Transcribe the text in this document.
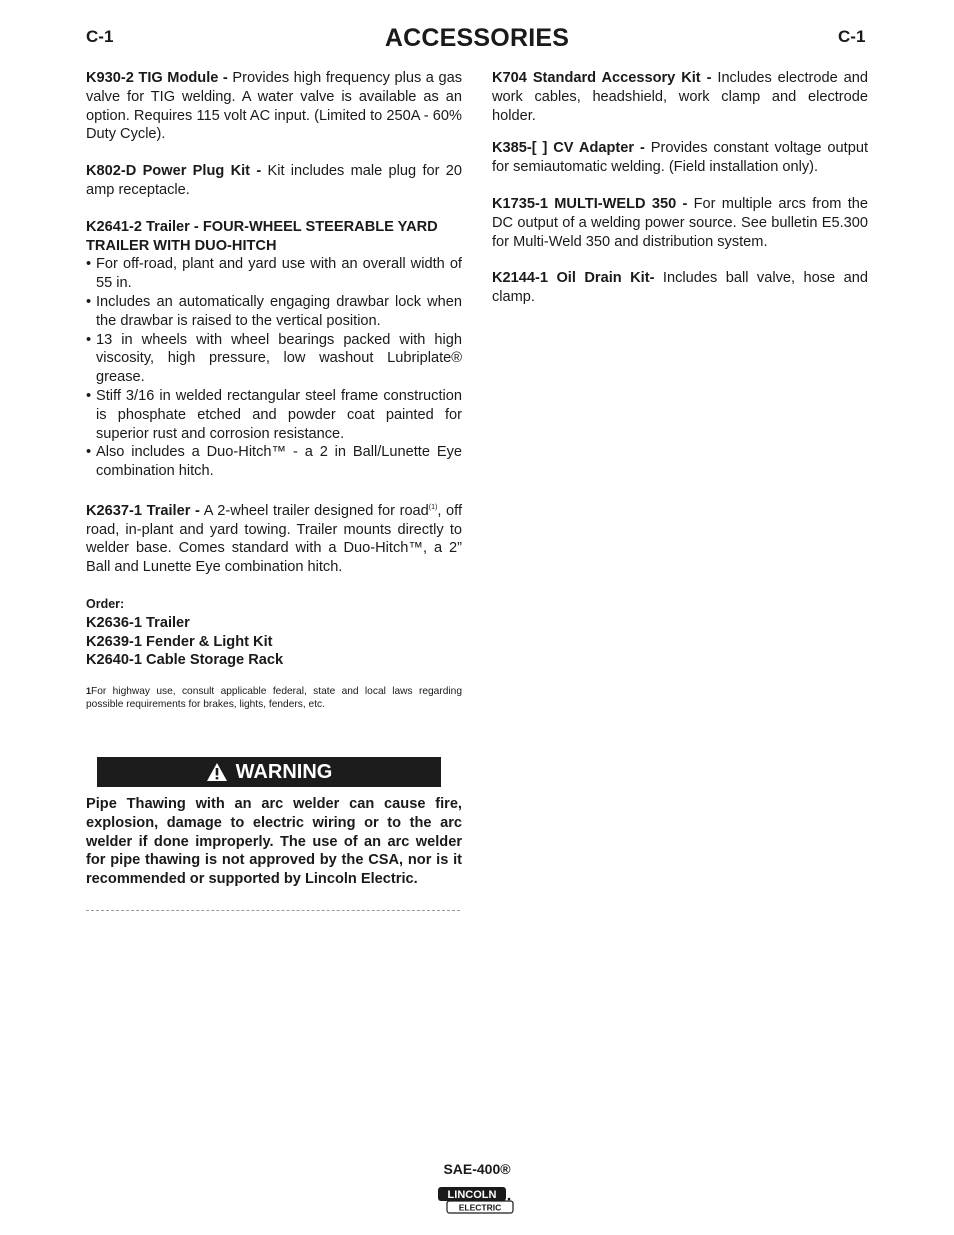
C-1	ACCESSORIES	C-1

K930-2 TIG Module - Provides high frequency plus a gas valve for TIG welding. A water valve is available as an option. Requires 115 volt AC input. (Limited to 250A - 60% Duty Cycle).

K802-D Power Plug Kit - Kit includes male plug for 20 amp receptacle.

K2641-2 Trailer - FOUR-WHEEL STEERABLE YARD TRAILER WITH DUO-HITCH

• For off-road, plant and yard use with an overall width of 55 in.
• Includes an automatically engaging drawbar lock when the drawbar is raised to the vertical position.
• 13 in wheels with wheel bearings packed with high viscosity, high pressure, low washout Lubriplate® grease.
• Stiff 3/16 in welded rectangular steel frame construction is phosphate etched and powder coat painted for superior rust and corrosion resistance.
• Also includes a Duo-Hitch™ - a 2 in Ball/Lunette Eye combination hitch.

K2637-1 Trailer - A 2-wheel trailer designed for road$^{(1)}$, off road, in-plant and yard towing. Trailer mounts directly to welder base. Comes standard with a Duo-Hitch™, a 2” Ball and Lunette Eye combination hitch.

Order:

K2636-1 Trailer

K2639-1 Fender & Light Kit

K2640-1 Cable Storage Rack

1For highway use, consult applicable federal, state and local laws regarding possible requirements for brakes, lights, fenders, etc.

WARNING
Pipe Thawing with an arc welder can cause fire, explosion, damage to electric wiring or to the arc welder if done improperly. The use of an arc welder for pipe thawing is not approved by the CSA, nor is it recommended or supported by Lincoln Electric.

K704 Standard Accessory Kit - Includes electrode and work cables, headshield, work clamp and electrode holder.

K385-[ ] CV Adapter - Provides constant voltage output for semiautomatic welding. (Field installation only).

K1735-1 MULTI-WELD 350 - For multiple arcs from the DC output of a welding power source. See bulletin E5.300 for Multi-Weld 350 and distribution system.

K2144-1 Oil Drain Kit- Includes ball valve, hose and clamp.

SAE-400®
LINCOLN
ELECTRIC
